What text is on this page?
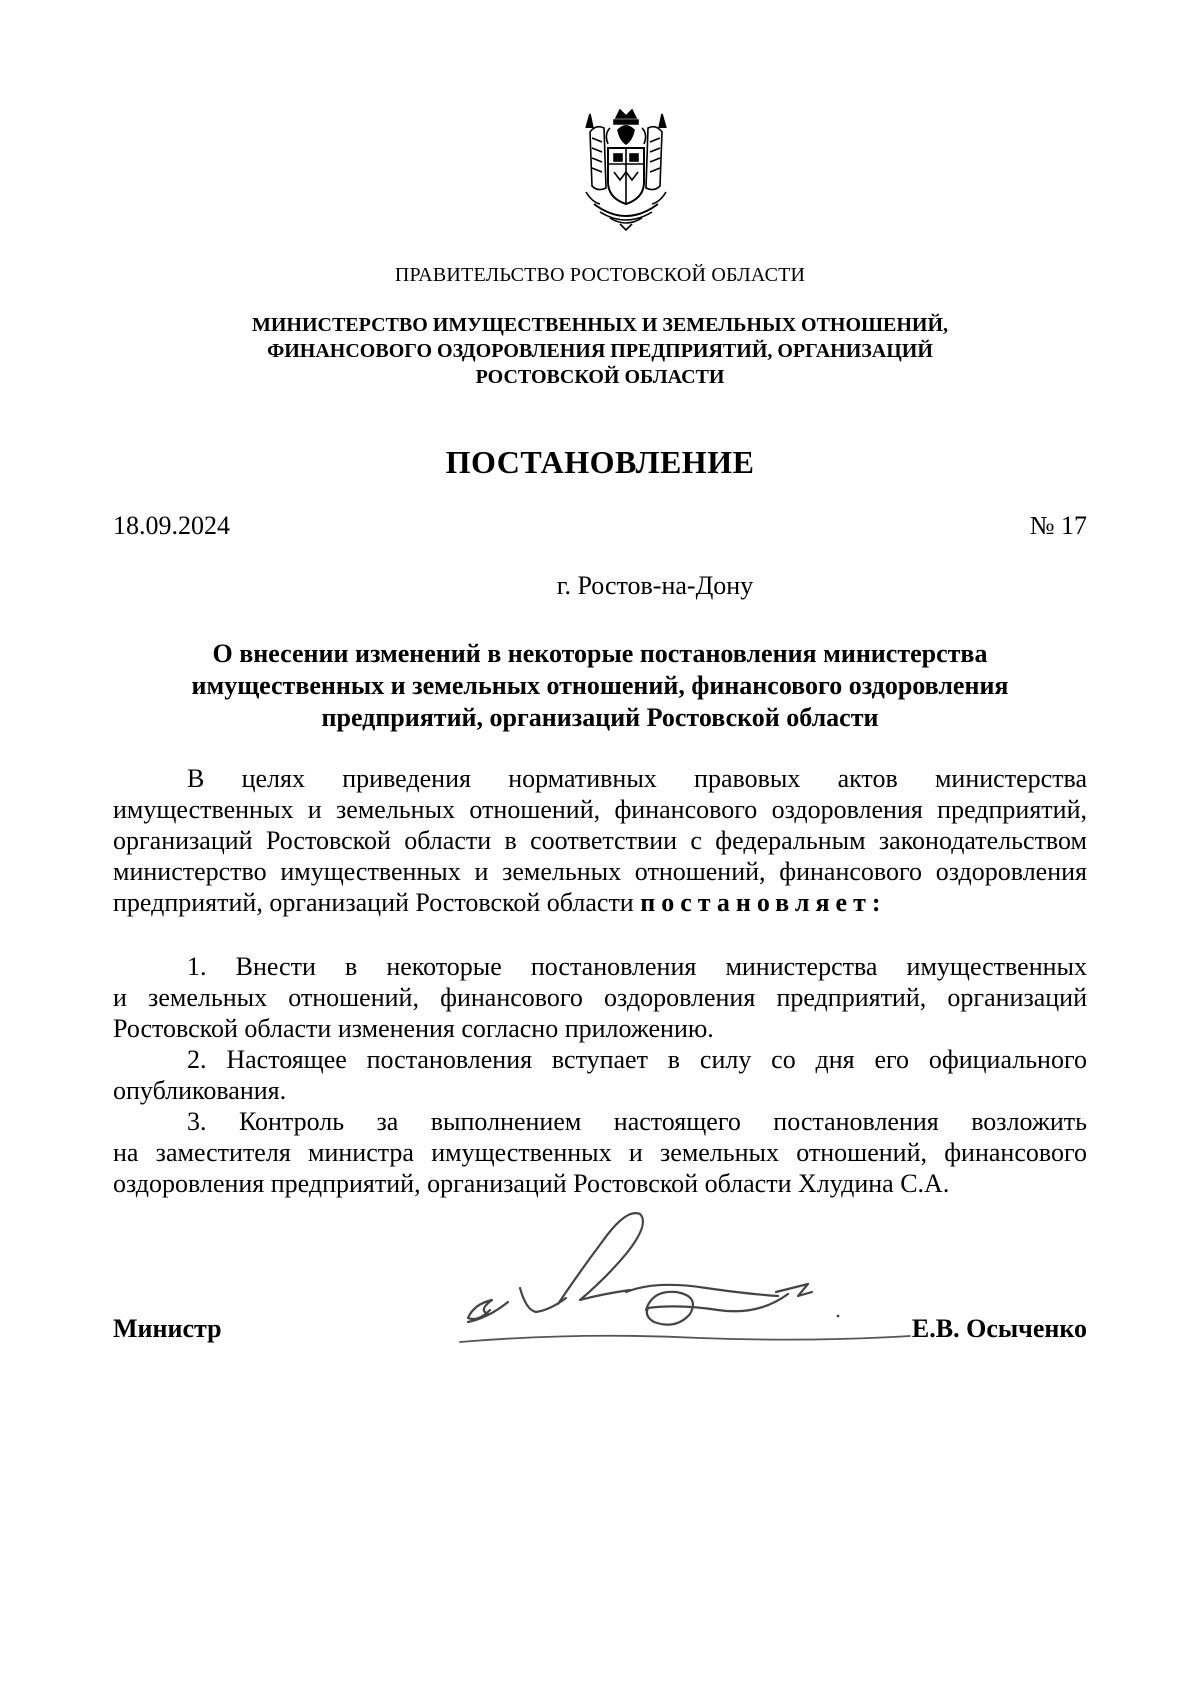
ПРАВИТЕЛЬСТВО РОСТОВСКОЙ ОБЛАСТИ
МИНИСТЕРСТВО ИМУЩЕСТВЕННЫХ И ЗЕМЕЛЬНЫХ ОТНОШЕНИЙ,
ФИНАНСОВОГО ОЗДОРОВЛЕНИЯ ПРЕДПРИЯТИЙ, ОРГАНИЗАЦИЙ
РОСТОВСКОЙ ОБЛАСТИ
ПОСТАНОВЛЕНИЕ
18.09.2024	№ 17
г. Ростов-на-Дону
О внесении изменений в некоторые постановления министерства
имущественных и земельных отношений, финансового оздоровления
предприятий, организаций Ростовской области
В целях приведения нормативных правовых актов министерства
имущественных и земельных отношений, финансового оздоровления предприятий,
организаций Ростовской области в соответствии с федеральным законодательством
министерство имущественных и земельных отношений, финансового оздоровления
предприятий, организаций Ростовской области постановляет:
1. Внести в некоторые постановления министерства имущественных
и земельных отношений, финансового оздоровления предприятий, организаций
Ростовской области изменения согласно приложению.
2. Настоящее постановления вступает в силу со дня его официального
опубликования.
3. Контроль за выполнением настоящего постановления возложить
на заместителя министра имущественных и земельных отношений, финансового
оздоровления предприятий, организаций Ростовской области Хлудина С.А.
Министр	Е.В. Осыченко
